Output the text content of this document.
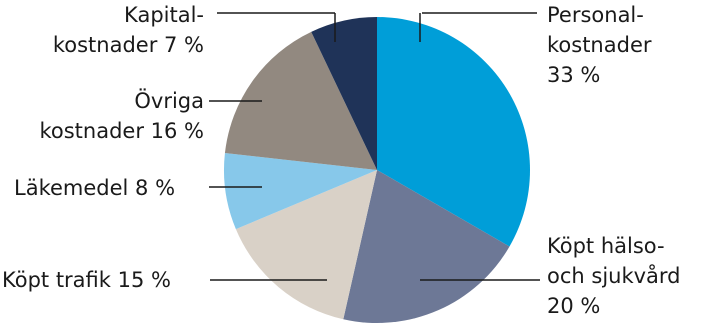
Personal-kostnader 33 %
Köpt hälso-och sjukvård 20 %
Köpt trafik 15 %
Läkemedel 8 %
Övriga kostnader 16 %
Kapital-kostnader 7 %
